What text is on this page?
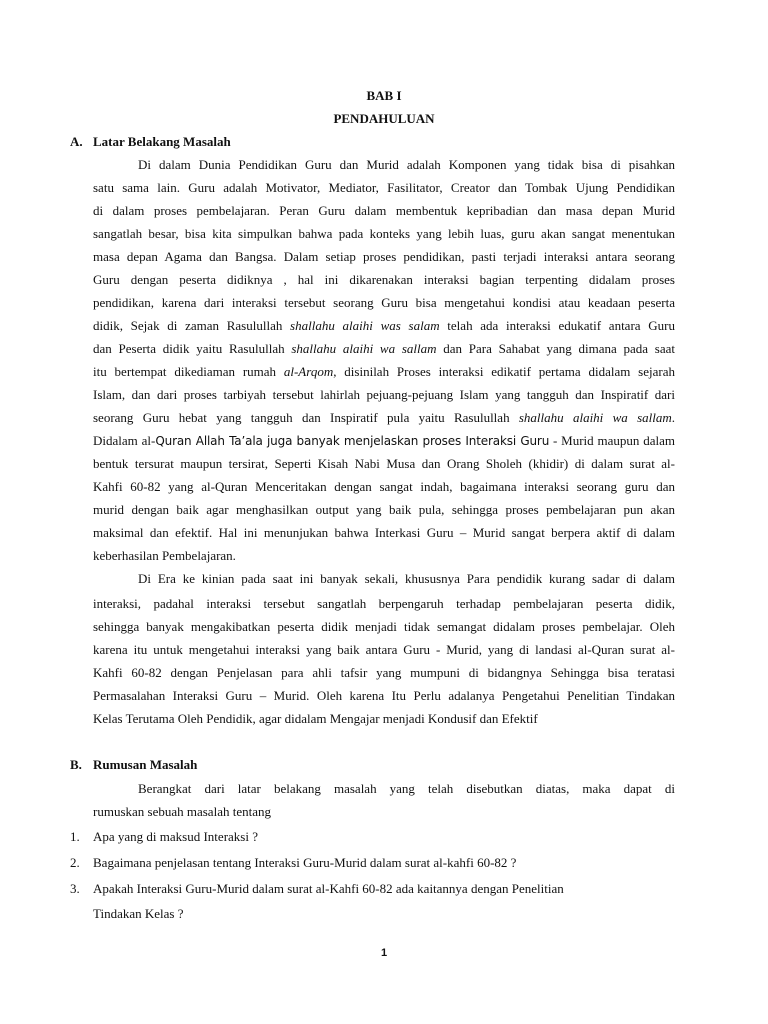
BAB I
PENDAHULUAN
A. Latar Belakang Masalah
Di dalam Dunia Pendidikan Guru dan Murid adalah Komponen yang tidak bisa di pisahkan
satu sama lain. Guru adalah Motivator, Mediator, Fasilitator, Creator dan Tombak Ujung Pendidikan
di dalam proses pembelajaran. Peran Guru dalam membentuk kepribadian dan masa depan Murid
sangatlah besar, bisa kita simpulkan bahwa pada konteks yang lebih luas, guru akan sangat menentukan
masa depan Agama dan Bangsa. Dalam setiap proses pendidikan, pasti terjadi interaksi antara seorang
Guru dengan peserta didiknya , hal ini dikarenakan interaksi bagian terpenting didalam proses
pendidikan, karena dari interaksi tersebut seorang Guru bisa mengetahui kondisi atau keadaan peserta
didik, Sejak di zaman Rasulullah shallahu alaihi was salam telah ada interaksi edukatif antara Guru
dan Peserta didik yaitu Rasulullah shallahu alaihi wa sallam dan Para Sahabat yang dimana pada saat
itu bertempat dikediaman rumah al-Arqom, disinilah Proses interaksi edikatif pertama didalam sejarah
Islam, dan dari proses tarbiyah tersebut lahirlah pejuang-pejuang Islam yang tangguh dan Inspiratif dari
seorang Guru hebat yang tangguh dan Inspiratif pula yaitu Rasulullah shallahu alaihi wa sallam.
Didalam al-Quran Allah Ta’ala juga banyak menjelaskan proses Interaksi Guru - Murid maupun dalam
bentuk tersurat maupun tersirat, Seperti Kisah Nabi Musa dan Orang Sholeh (khidir) di dalam surat al-
Kahfi 60-82 yang al-Quran Menceritakan dengan sangat indah, bagaimana interaksi seorang guru dan
murid dengan baik agar menghasilkan output yang baik pula, sehingga proses pembelajaran pun akan
maksimal dan efektif. Hal ini menunjukan bahwa Interkasi Guru – Murid sangat berpera aktif di dalam
keberhasilan Pembelajaran.
Di Era ke kinian pada saat ini banyak sekali, khususnya Para pendidik kurang sadar di dalam
interaksi, padahal interaksi tersebut sangatlah berpengaruh terhadap pembelajaran peserta didik,
sehingga banyak mengakibatkan peserta didik menjadi tidak semangat didalam proses pembelajar. Oleh
karena itu untuk mengetahui interaksi yang baik antara Guru - Murid, yang di landasi al-Quran surat al-
Kahfi 60-82 dengan Penjelasan para ahli tafsir yang mumpuni di bidangnya Sehingga bisa teratasi
Permasalahan Interaksi Guru – Murid. Oleh karena Itu Perlu adalanya Pengetahui Penelitian Tindakan
Kelas Terutama Oleh Pendidik, agar didalam Mengajar menjadi Kondusif dan Efektif
B. Rumusan Masalah
Berangkat dari latar belakang masalah yang telah disebutkan diatas, maka dapat di
rumuskan sebuah masalah tentang
1. Apa yang di maksud Interaksi ?
2. Bagaimana penjelasan tentang Interaksi Guru-Murid dalam surat al-kahfi 60-82 ?
3. Apakah Interaksi Guru-Murid dalam surat al-Kahfi 60-82 ada kaitannya dengan Penelitian
Tindakan Kelas ?
1
